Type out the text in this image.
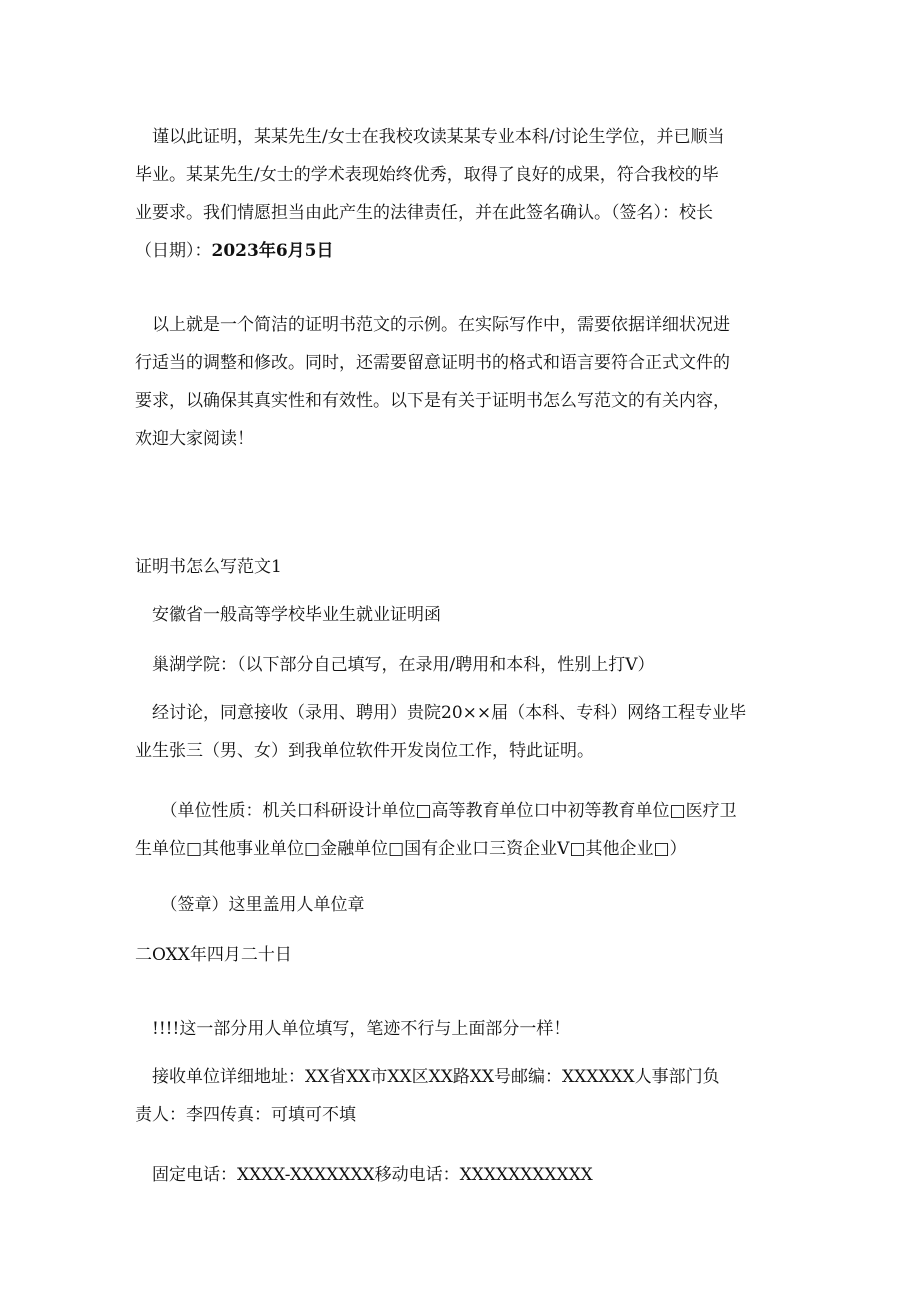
　谨以此证明，某某先生/女士在我校攻读某某专业本科/讨论生学位，并已顺当
毕业。某某先生/女士的学术表现始终优秀，取得了良好的成果，符合我校的毕
业要求。我们情愿担当由此产生的法律责任，并在此签名确认。（签名）：校长
（日期）：2023年6月5日
　以上就是一个简洁的证明书范文的示例。在实际写作中，需要依据详细状况进
行适当的调整和修改。同时，还需要留意证明书的格式和语言要符合正式文件的
要求，以确保其真实性和有效性。以下是有关于证明书怎么写范文的有关内容，
欢迎大家阅读！
证明书怎么写范文1
　安徽省一般高等学校毕业生就业证明函
　巢湖学院：（以下部分自己填写，在录用/聘用和本科，性别上打V）
　经讨论，同意接收（录用、聘用）贵院20××届（本科、专科）网络工程专业毕
业生张三（男、女）到我单位软件开发岗位工作，特此证明。
　　（单位性质：机关口科研设计单位□高等教育单位口中初等教育单位□医疗卫
生单位□其他事业单位□金融单位□国有企业口三资企业V□其他企业□）
　　（签章）这里盖用人单位章
二OXX年四月二十日
　!!!!这一部分用人单位填写，笔迹不行与上面部分一样！
　接收单位详细地址：XX省XX市XX区XX路XX号邮编：XXXXXX人事部门负
责人：李四传真：可填可不填
　固定电话：XXXX-XXXXXXX移动电话：XXXXXXXXXXX
